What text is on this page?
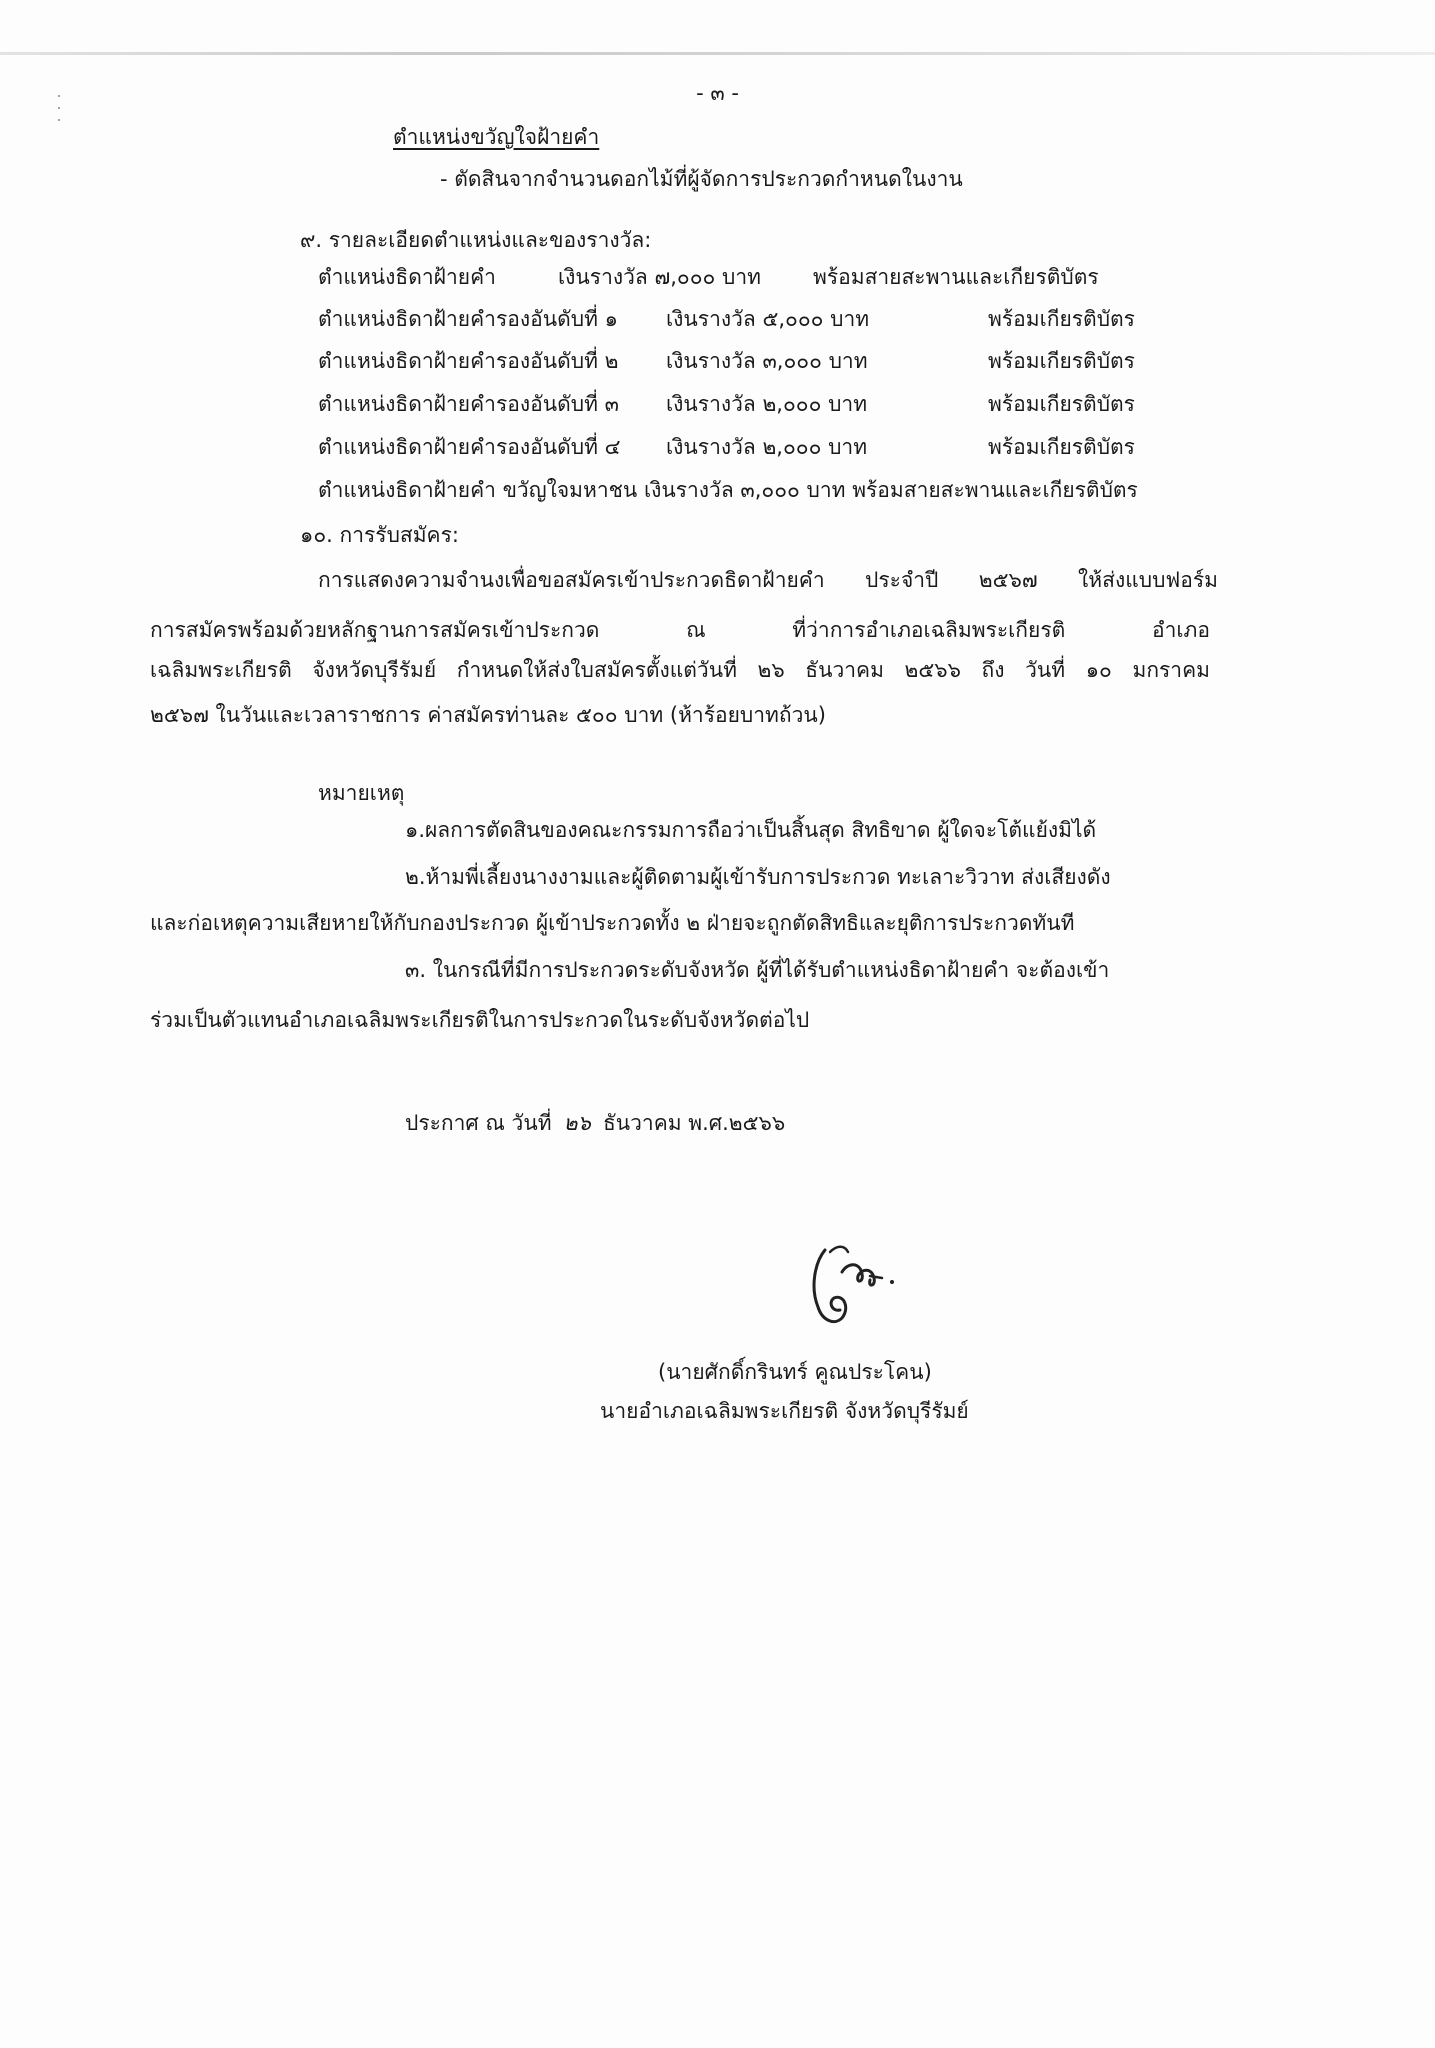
- ๓ -
ตำแหน่งขวัญใจฝ้ายคำ
- ตัดสินจากจำนวนดอกไม้ที่ผู้จัดการประกวดกำหนดในงาน
๙. รายละเอียดตำแหน่งและของรางวัล:
ตำแหน่งธิดาฝ้ายคำ	เงินรางวัล ๗,๐๐๐ บาท พร้อมสายสะพานและเกียรติบัตร
ตำแหน่งธิดาฝ้ายคำ รองอันดับที่ ๑ เงินรางวัล ๕,๐๐๐ บาท	พร้อมเกียรติบัตร
ตำแหน่งธิดาฝ้ายคำ รองอันดับที่ ๒ เงินรางวัล ๓,๐๐๐ บาท	พร้อมเกียรติบัตร
ตำแหน่งธิดาฝ้ายคำ รองอันดับที่ ๓ เงินรางวัล ๒,๐๐๐ บาท	พร้อมเกียรติบัตร
ตำแหน่งธิดาฝ้ายคำ รองอันดับที่ ๔ เงินรางวัล ๒,๐๐๐ บาท	พร้อมเกียรติบัตร
ตำแหน่งธิดาฝ้ายคำ ขวัญใจมหาชน เงินรางวัล ๓,๐๐๐ บาท พร้อมสายสะพานและเกียรติบัตร
๑๐. การรับสมัคร:
การแสดงความจำนงเพื่อขอสมัครเข้าประกวดธิดาฝ้ายคำ ประจำปี ๒๕๖๗ ให้ส่งแบบฟอร์ม
การสมัครพร้อมด้วยหลักฐานการสมัครเข้าประกวด ณ ที่ว่าการอำเภอเฉลิมพระเกียรติ อำเภอ
เฉลิมพระเกียรติ จังหวัดบุรีรัมย์ กำหนดให้ส่งใบสมัครตั้งแต่วันที่ ๒๖ ธันวาคม ๒๕๖๖ ถึง วันที่ ๑๐ มกราคม
๒๕๖๗ ในวันและเวลาราชการ ค่าสมัครท่านละ ๕๐๐ บาท (ห้าร้อยบาทถ้วน)
หมายเหตุ
๑.ผลการตัดสินของคณะกรรมการถือว่าเป็นสิ้นสุด สิทธิขาด ผู้ใดจะโต้แย้งมิได้
๒.ห้ามพี่เลี้ยงนางงามและผู้ติดตามผู้เข้ารับการประกวด ทะเลาะวิวาท ส่งเสียงดัง
และก่อเหตุความเสียหายให้กับกองประกวด ผู้เข้าประกวดทั้ง ๒ ฝ่ายจะถูกตัดสิทธิและยุติการประกวดทันที
๓. ในกรณีที่มีการประกวดระดับจังหวัด ผู้ที่ได้รับตำแหน่งธิดาฝ้ายคำ จะต้องเข้า
ร่วมเป็นตัวแทนอำเภอเฉลิมพระเกียรติในการประกวดในระดับจังหวัดต่อไป
ประกาศ ณ วันที่ ๒๖ ธันวาคม พ.ศ.๒๕๖๖
(นายศักดิ์กรินทร์ คูณประโคน)
นายอำเภอเฉลิมพระเกียรติ จังหวัดบุรีรัมย์
